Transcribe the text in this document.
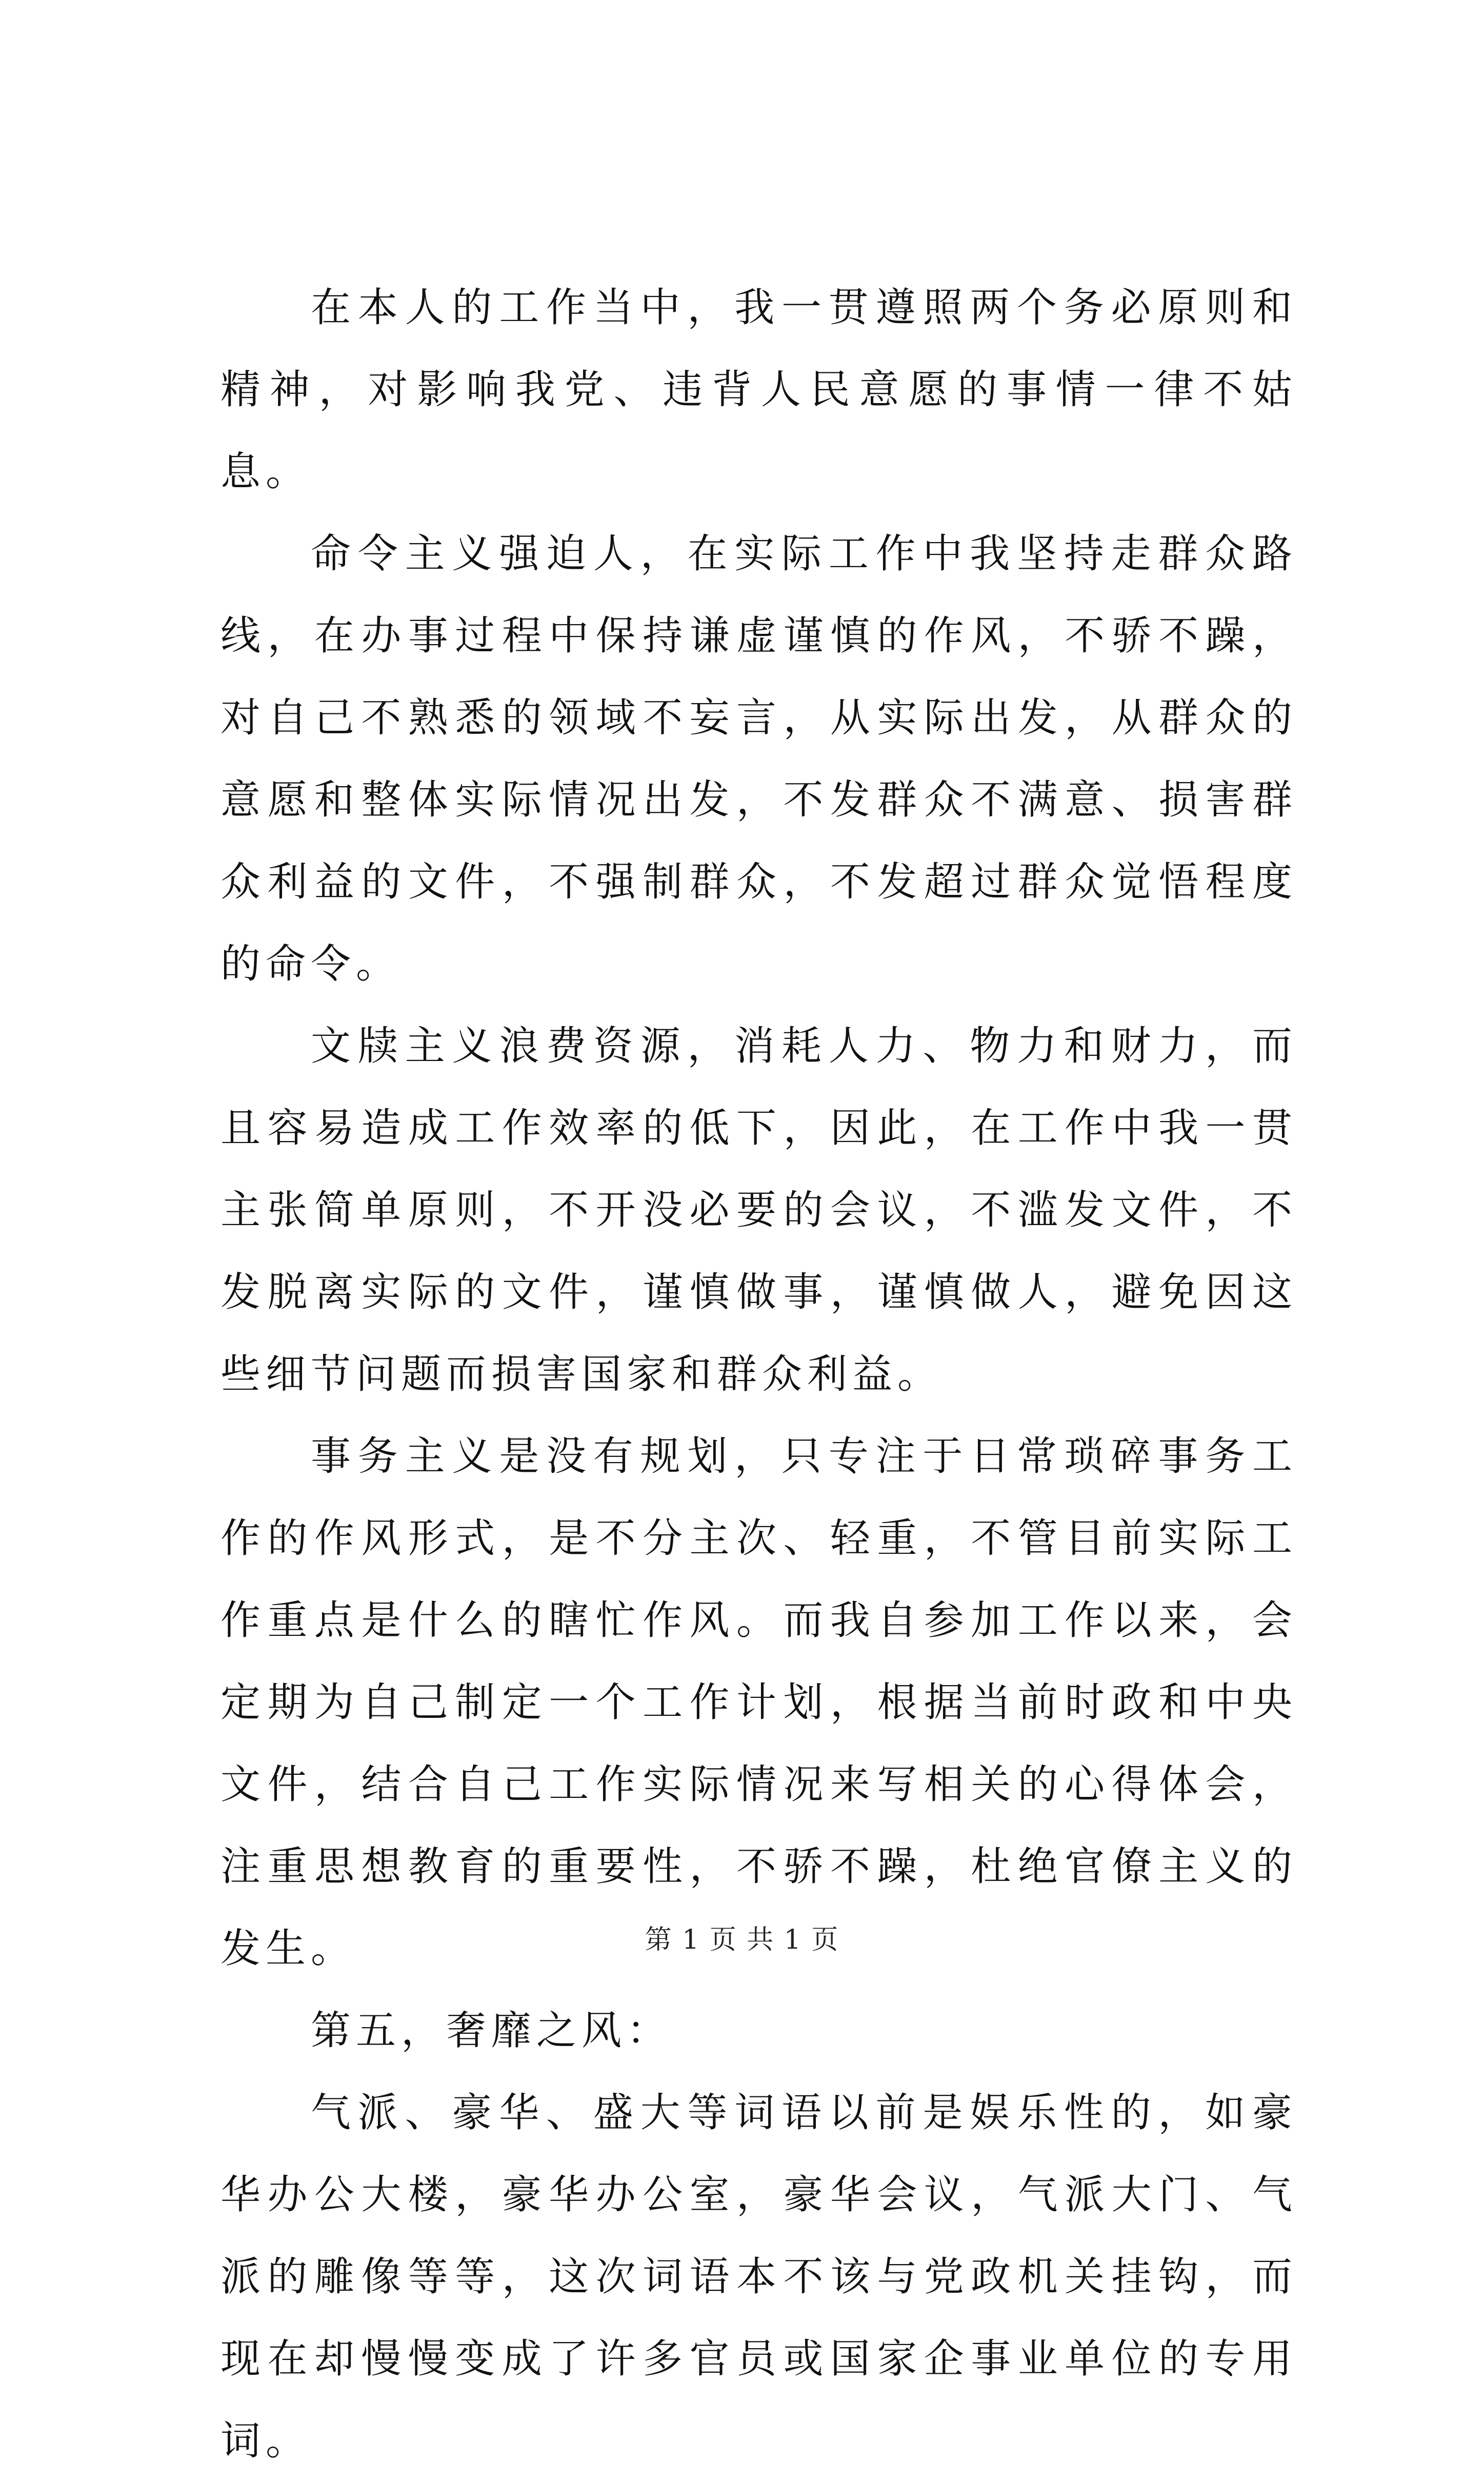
在本人的工作当中，我一贯遵照两个务必原则和精神，对影响我党、违背人民意愿的事情一律不姑息。

命令主义强迫人，在实际工作中我坚持走群众路线，在办事过程中保持谦虚谨慎的作风，不骄不躁，对自己不熟悉的领域不妄言，从实际出发，从群众的意愿和整体实际情况出发，不发群众不满意、损害群众利益的文件，不强制群众，不发超过群众觉悟程度的命令。

文牍主义浪费资源，消耗人力、物力和财力，而且容易造成工作效率的低下，因此，在工作中我一贯主张简单原则，不开没必要的会议，不滥发文件，不发脱离实际的文件，谨慎做事，谨慎做人，避免因这些细节问题而损害国家和群众利益。

事务主义是没有规划，只专注于日常琐碎事务工作的作风形式，是不分主次、轻重，不管目前实际工作重点是什么的瞎忙作风。而我自参加工作以来，会定期为自己制定一个工作计划，根据当前时政和中央文件，结合自己工作实际情况来写相关的心得体会，注重思想教育的重要性，不骄不躁，杜绝官僚主义的发生。

第五，奢靡之风：

气派、豪华、盛大等词语以前是娱乐性的，如豪华办公大楼，豪华办公室，豪华会议，气派大门、气派的雕像等等，这次词语本不该与党政机关挂钩，而现在却慢慢变成了许多官员或国家企事业单位的专用词。

第 1 页 共 1 页
